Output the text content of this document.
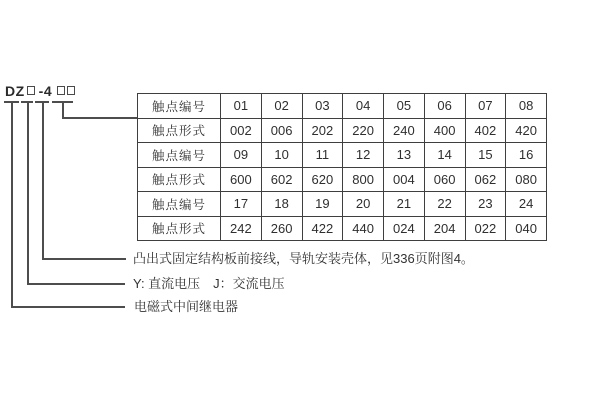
DZ -4
触点编号	01	02	03	04	05	06	07	08
触点形式	002	006	202	220	240	400	402	420
触点编号	09	10	11	12	13	14	15	16
触点形式	600	602	620	800	004	060	062	080
触点编号	17	18	19	20	21	22	23	24
触点形式	242	260	422	440	024	204	022	040
凸出式固定结构板前接线，导轨安装壳体，见336页附图4。
Y: 直流电压　J：交流电压
电磁式中间继电器
